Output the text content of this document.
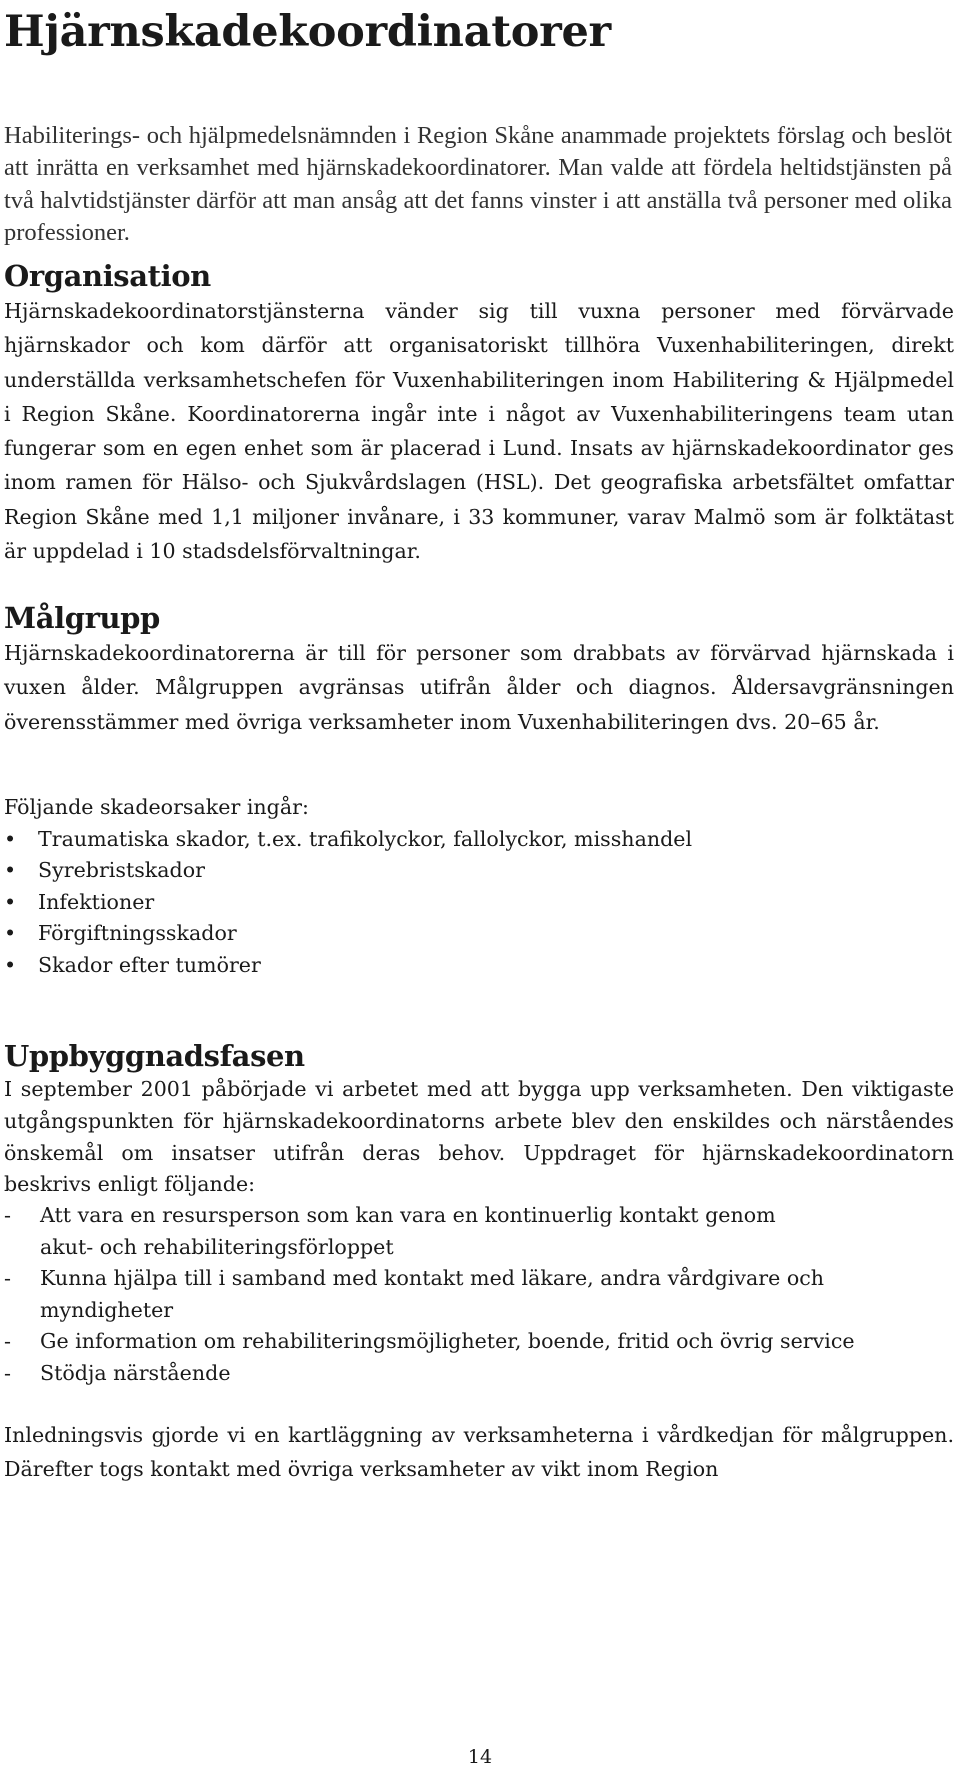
Hjärnskadekoordinatorer

Habiliterings- och hjälpmedelsnämnden i Region Skåne anammade projektets förslag och beslöt att inrätta en verksamhet med hjärnskadekoordinatorer. Man valde att fördela heltidstjänsten på två halvtidstjänster därför att man ansåg att det fanns vinster i att anställa två personer med olika professioner.

Organisation

Hjärnskadekoordinatorstjänsterna vänder sig till vuxna personer med förvärvade hjärnskador och kom därför att organisatoriskt tillhöra Vuxenhabiliteringen, direkt underställda verksamhetschefen för Vuxenhabiliteringen inom Habilitering & Hjälpmedel i Region Skåne. Koordinatorerna ingår inte i något av Vuxenhabiliteringens team utan fungerar som en egen enhet som är placerad i Lund. Insats av hjärnskadekoordinator ges inom ramen för Hälso- och Sjukvårdslagen (HSL). Det geografiska arbetsfältet omfattar Region Skåne med 1,1 miljoner invånare, i 33 kommuner, varav Malmö som är folktätast är uppdelad i 10 stadsdelsförvaltningar.

Målgrupp

Hjärnskadekoordinatorerna är till för personer som drabbats av förvärvad hjärnskada i vuxen ålder. Målgruppen avgränsas utifrån ålder och diagnos. Åldersavgränsningen överensstämmer med övriga verksamheter inom Vuxenhabiliteringen dvs. 20–65 år.

Följande skadeorsaker ingår:

• Traumatiska skador, t.ex. trafikolyckor, fallolyckor, misshandel
• Syrebristskador
• Infektioner
• Förgiftningsskador
• Skador efter tumörer
Uppbyggnadsfasen

I september 2001 påbörjade vi arbetet med att bygga upp verksamheten. Den viktigaste utgångspunkten för hjärnskadekoordinatorns arbete blev den enskildes och närståendes önskemål om insatser utifrån deras behov. Uppdraget för hjärnskadekoordinatorn beskrivs enligt följande:

- Att vara en resursperson som kan vara en kontinuerlig kontakt genom akut- och rehabiliteringsförloppet
- Kunna hjälpa till i samband med kontakt med läkare, andra vårdgivare och myndigheter
- Ge information om rehabiliteringsmöjligheter, boende, fritid och övrig service
- Stödja närstående

Inledningsvis gjorde vi en kartläggning av verksamheterna i vårdkedjan för målgruppen. Därefter togs kontakt med övriga verksamheter av vikt inom Region

14
